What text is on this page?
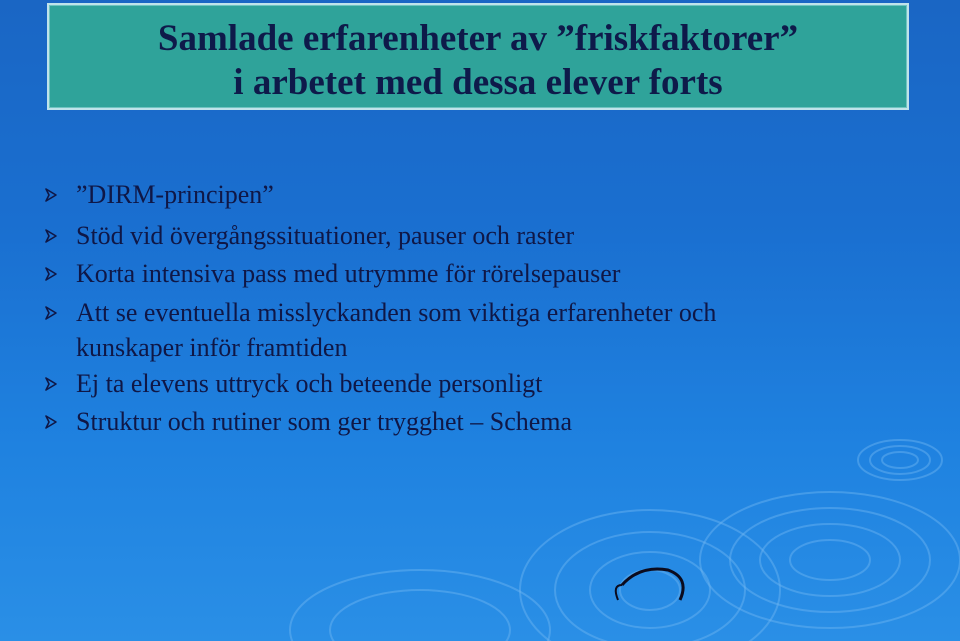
Samlade erfarenheter av ”friskfaktorer”
i arbetet med dessa elever forts
”DIRM-principen”
Stöd vid övergångssituationer, pauser och raster
Korta intensiva pass med utrymme för rörelsepauser
Att se eventuella misslyckanden som viktiga erfarenheter och
kunskaper inför framtiden
Ej ta elevens uttryck och beteende personligt
Struktur och rutiner som ger trygghet – Schema
